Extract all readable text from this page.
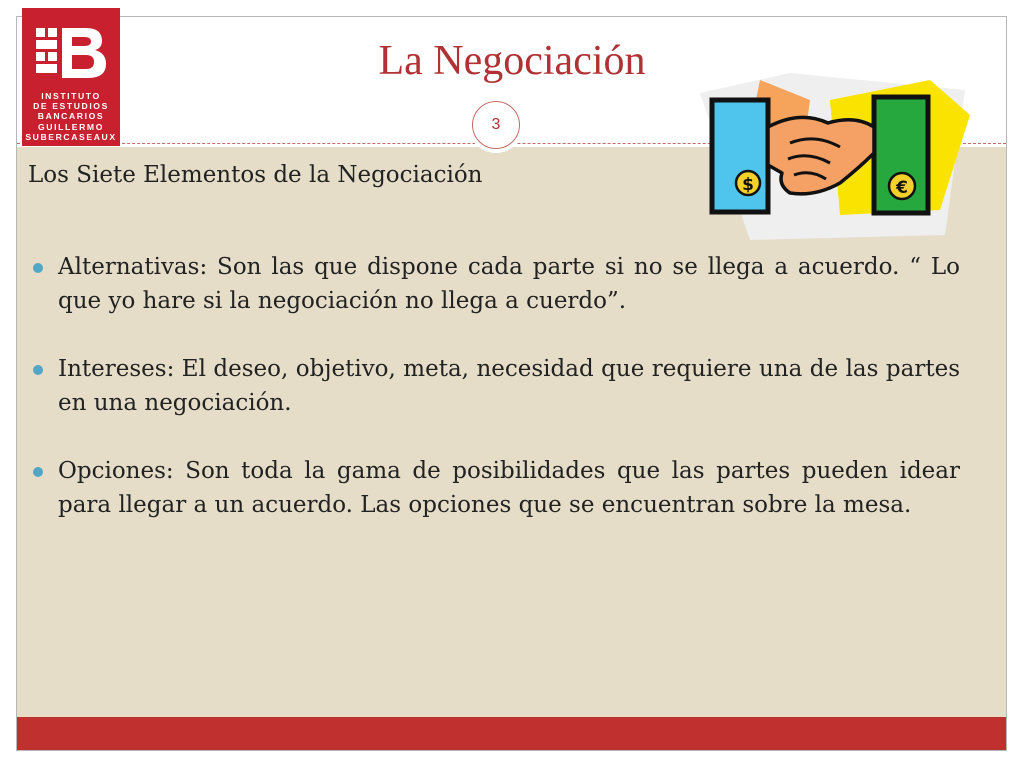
INSTITUTO
DE ESTUDIOS
BANCARIOS
GUILLERMO
SUBERCASEAUX
La Negociación
3
$	€
Los Siete Elementos de la Negociación
Alternativas: Son las que dispone cada parte si no se llega a acuerdo. “ Lo que yo hare si la negociación no llega a cuerdo”.
Intereses: El deseo, objetivo, meta, necesidad que requiere una de las partes en una negociación.
Opciones: Son toda la gama de posibilidades que las partes pueden idear para llegar a un acuerdo. Las opciones que se encuentran sobre la mesa.
